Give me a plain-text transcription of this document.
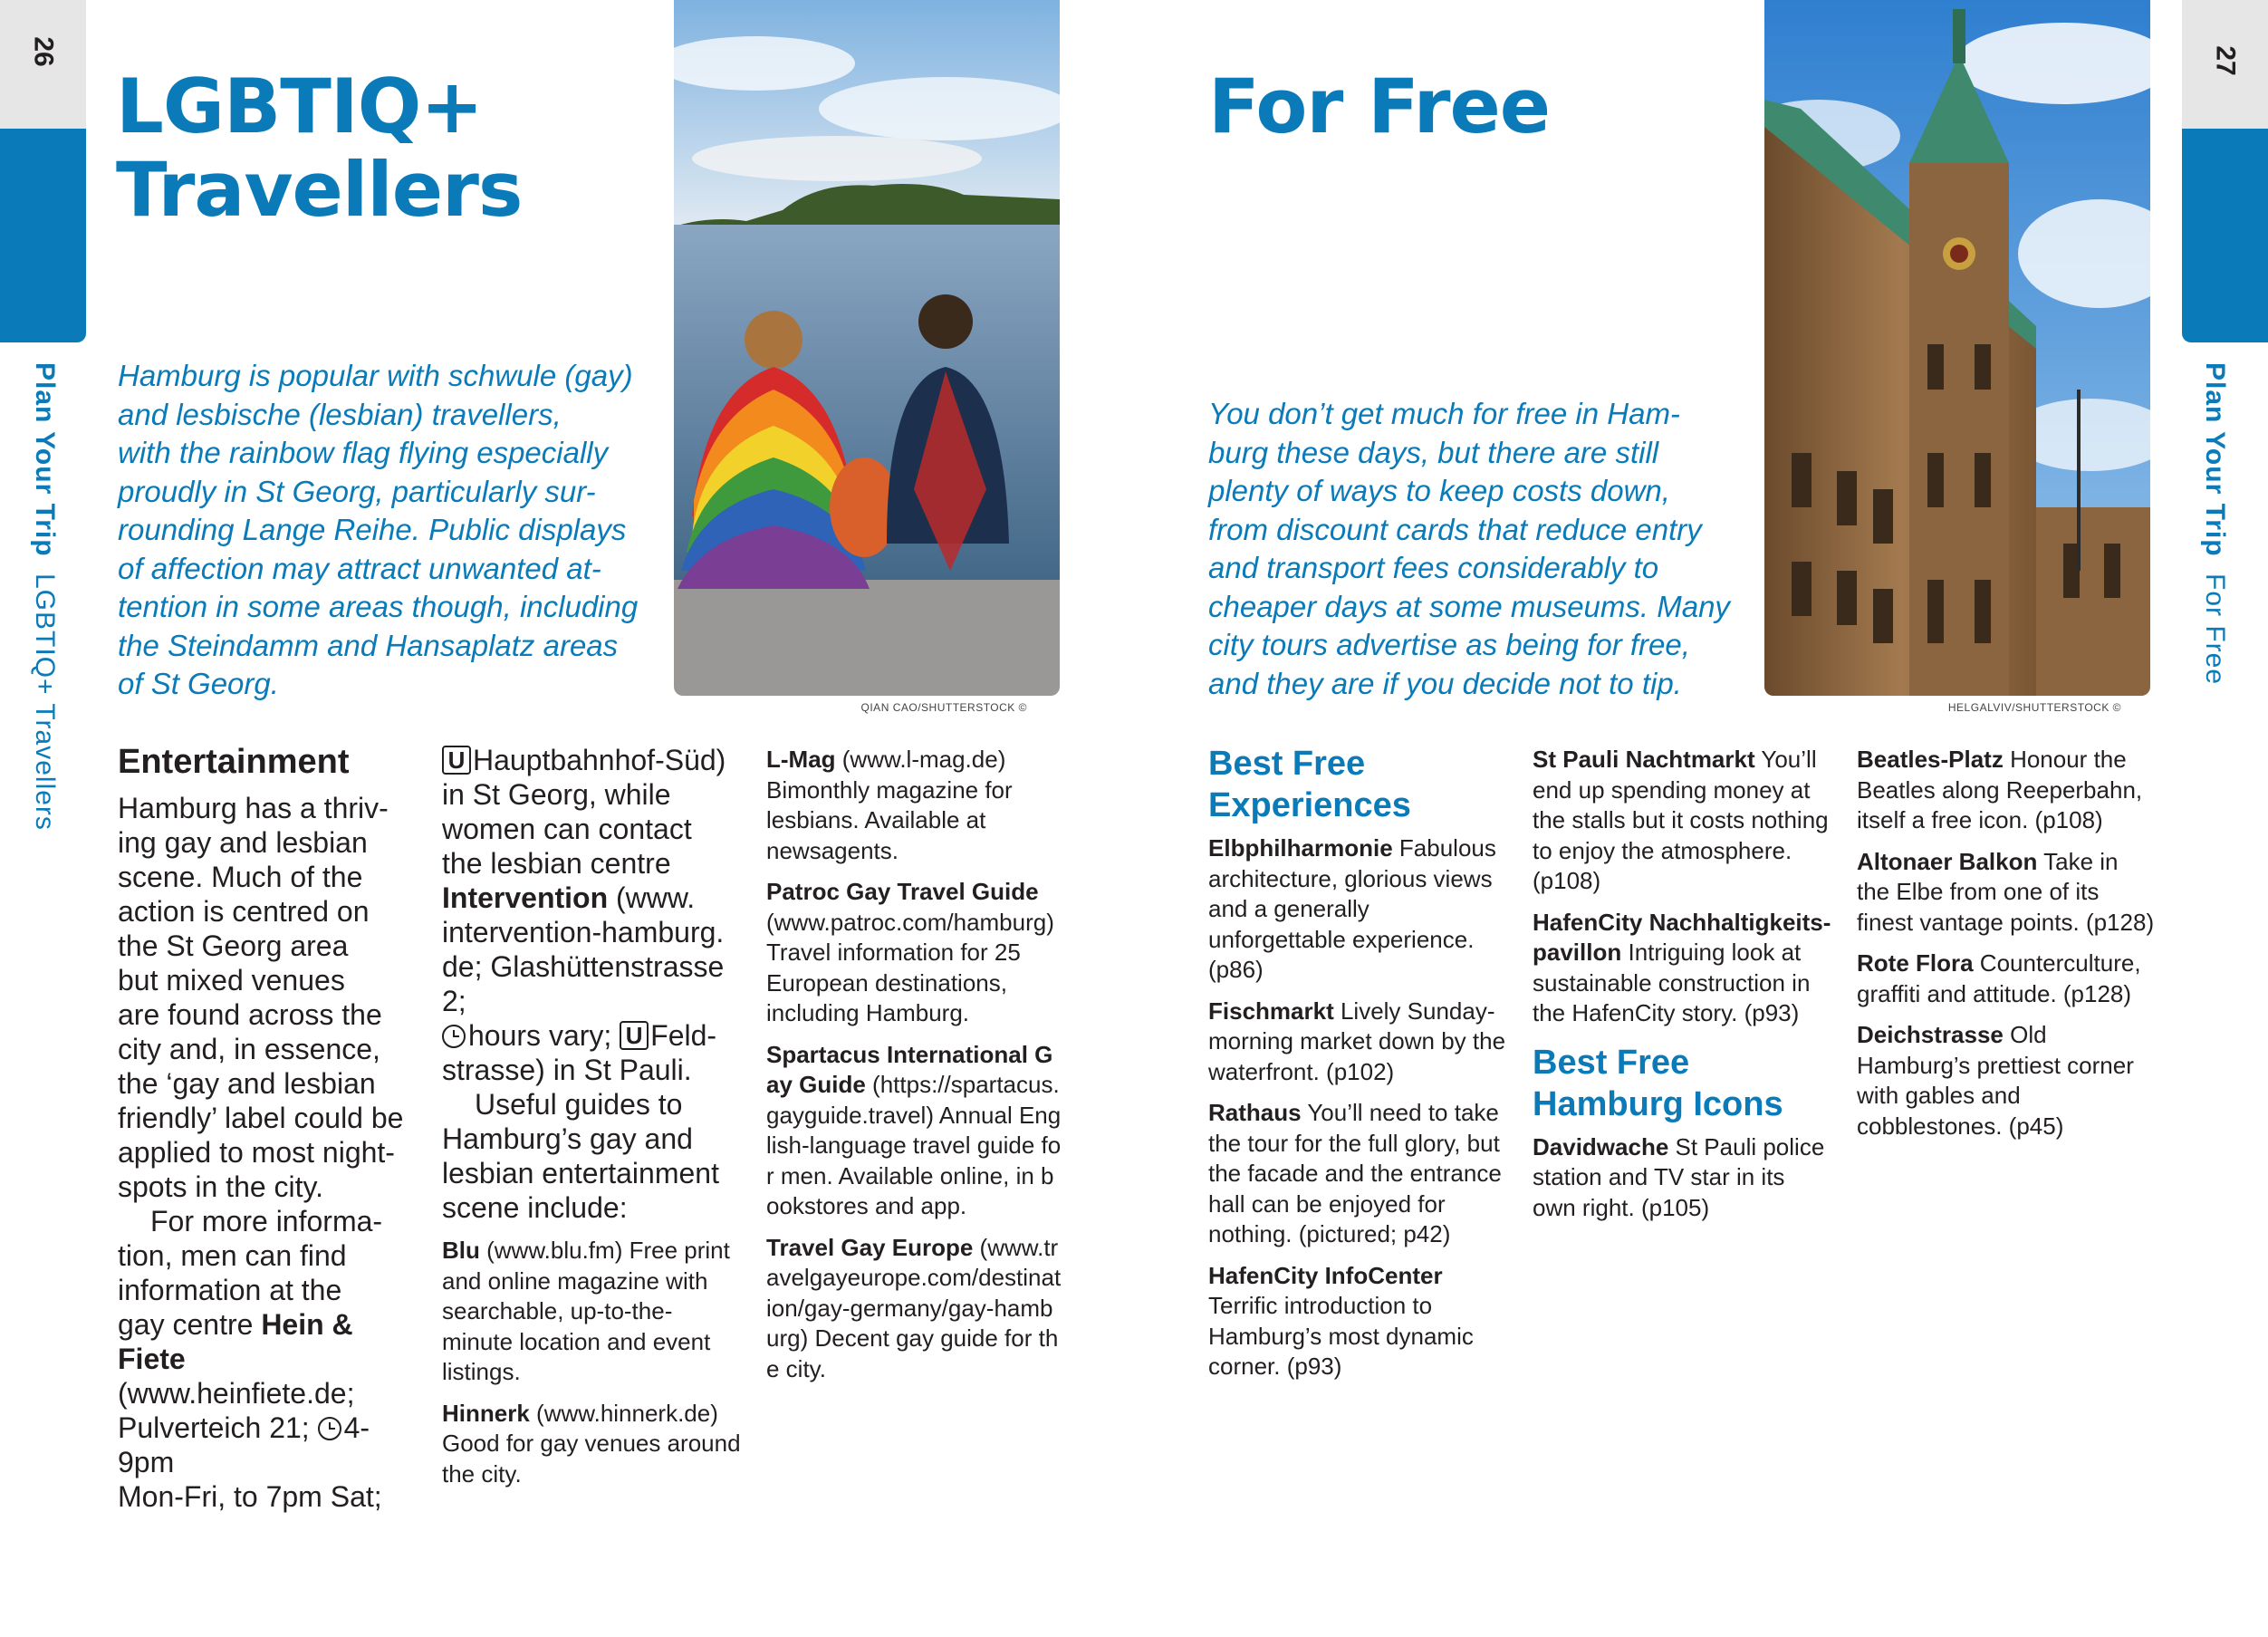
26
Plan Your TripLGBTIQ+ Travellers
27
Plan Your TripFor Free
LGBTIQ+
Travellers
Hamburg is popular with schwule (gay)
and lesbische (lesbian) travellers,
with the rainbow flag flying especially
proudly in St Georg, particularly sur-
rounding Lange Reihe. Public displays
of affection may attract unwanted at-
tention in some areas though, including
the Steindamm and Hansaplatz areas
of St Georg.
QIAN CAO/SHUTTERSTOCK ©
Entertainment
Hamburg has a thriv-
ing gay and lesbian
scene. Much of the
action is centred on
the St Georg area
but mixed venues
are found across the
city and, in essence,
the ‘gay and lesbian
friendly’ label could be
applied to most night-
spots in the city.
For more informa-
tion, men can find
information at the
gay centre Hein &
Fiete (www.heinfiete.de;
Pulverteich 21; 4-9pm
Mon-Fri, to 7pm Sat;
U Hauptbahnhof-Süd)
in St Georg, while
women can contact
the lesbian centre
Intervention (www.
intervention-hamburg.
de; Glashüttenstrasse 2;
hours vary; U Feld-
strasse) in St Pauli.
Useful guides to
Hamburg’s gay and
lesbian entertainment
scene include:

Blu (www.blu.fm) Free print and online magazine with searchable, up-to-the-minute location and event listings.

Hinnerk (www.hinnerk.de) Good for gay venues around the city.

L-Mag (www.l-mag.de) Bimonthly magazine for lesbians. Available at newsagents.

Patroc Gay Travel Guide (www.patroc.com/hamburg) Travel information for 25 European destinations, including Hamburg.

Spartacus International Gay Guide (https://spartacus.gayguide.travel) Annual English-language travel guide for men. Available online, in bookstores and app.

Travel Gay Europe (www.travelgayeurope.com/destination/gay-germany/gay-hamburg) Decent gay guide for the city.

For Free
You don’t get much for free in Ham-
burg these days, but there are still
plenty of ways to keep costs down,
from discount cards that reduce entry
and transport fees considerably to
cheaper days at some museums. Many
city tours advertise as being for free,
and they are if you decide not to tip.
HELGALVIV/SHUTTERSTOCK ©
Best Free
Experiences

Elbphilharmonie Fabulous architecture, glorious views and a generally unforgettable experience. (p86)

Fischmarkt Lively Sunday-morning market down by the waterfront. (p102)

Rathaus You’ll need to take the tour for the full glory, but the facade and the entrance hall can be enjoyed for nothing. (pictured; p42)

HafenCity InfoCenter Terrific introduction to Hamburg’s most dynamic corner. (p93)

St Pauli Nachtmarkt You’ll end up spending money at the stalls but it costs nothing to enjoy the atmosphere. (p108)

HafenCity Nachhaltigkeits-pavillon Intriguing look at sustainable construction in the HafenCity story. (p93)

Best Free
Hamburg Icons

Davidwache St Pauli police station and TV star in its own right. (p105)

Beatles-Platz Honour the Beatles along Reeperbahn, itself a free icon. (p108)

Altonaer Balkon Take in the Elbe from one of its finest vantage points. (p128)

Rote Flora Counterculture, graffiti and attitude. (p128)

Deichstrasse Old Hamburg’s prettiest corner with gables and cobblestones. (p45)
